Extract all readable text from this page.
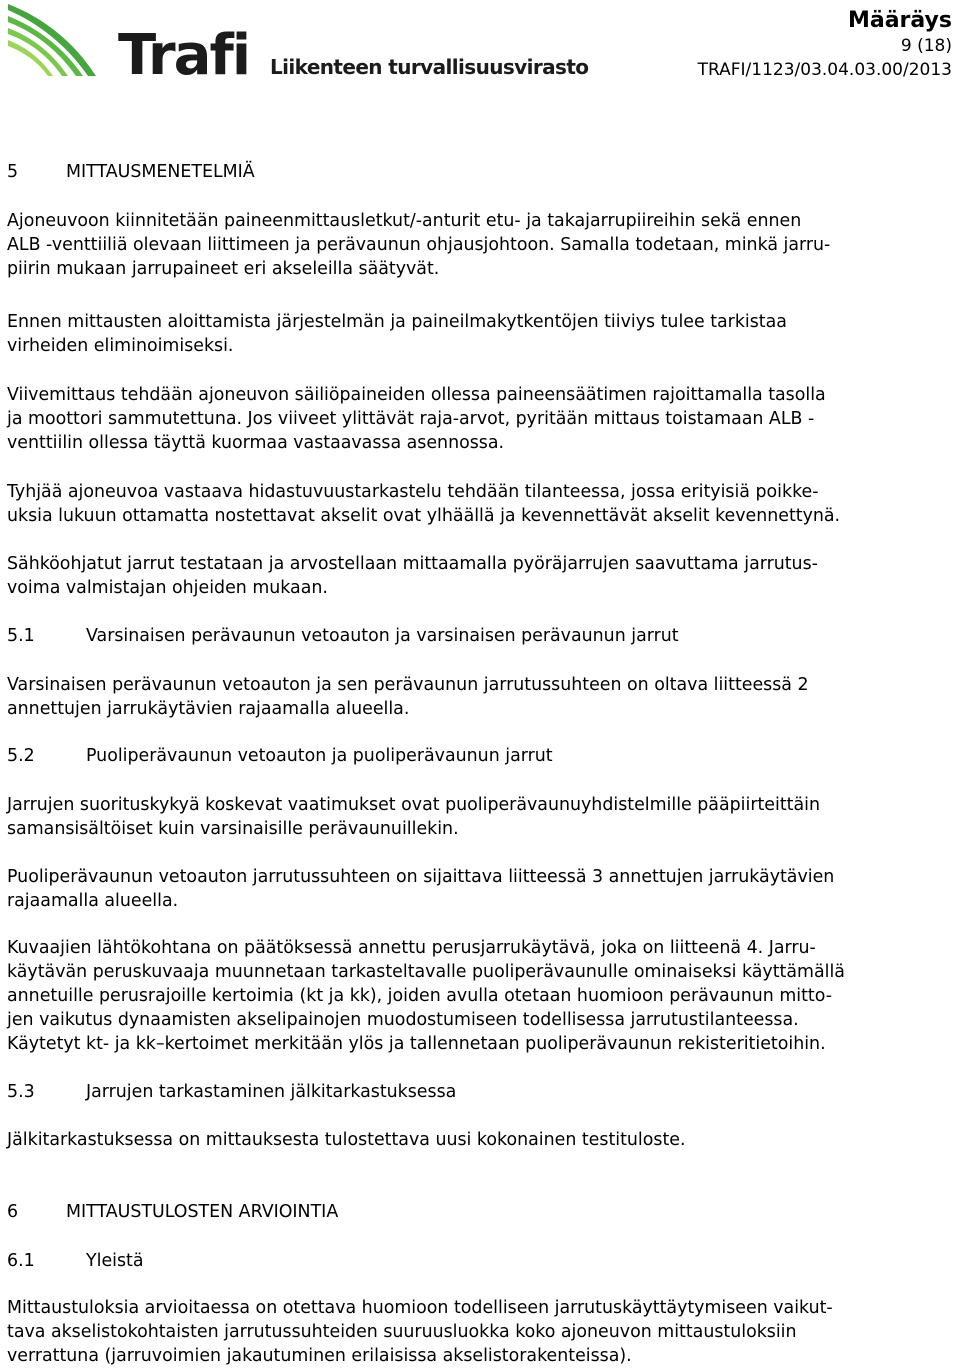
Trafi Liikenteen turvallisuusvirasto
Määräys
9 (18)
TRAFI/1123/03.04.03.00/2013
5	MITTAUSMENETELMIÄ
Ajoneuvoon kiinnitetään paineenmittausletkut/-anturit etu- ja takajarrupiireihin sekä ennen
ALB -venttiiliä olevaan liittimeen ja perävaunun ohjausjohtoon. Samalla todetaan, minkä jarru-
piirin mukaan jarrupaineet eri akseleilla säätyvät.
Ennen mittausten aloittamista järjestelmän ja paineilmakytkentöjen tiiviys tulee tarkistaa
virheiden eliminoimiseksi.
Viivemittaus tehdään ajoneuvon säiliöpaineiden ollessa paineensäätimen rajoittamalla tasolla
ja moottori sammutettuna. Jos viiveet ylittävät raja-arvot, pyritään mittaus toistamaan ALB -
venttiilin ollessa täyttä kuormaa vastaavassa asennossa.
Tyhjää ajoneuvoa vastaava hidastuvuustarkastelu tehdään tilanteessa, jossa erityisiä poikke-
uksia lukuun ottamatta nostettavat akselit ovat ylhäällä ja kevennettävät akselit kevennettynä.
Sähköohjatut jarrut testataan ja arvostellaan mittaamalla pyöräjarrujen saavuttama jarrutus-
voima valmistajan ohjeiden mukaan.
5.1	Varsinaisen perävaunun vetoauton ja varsinaisen perävaunun jarrut
Varsinaisen perävaunun vetoauton ja sen perävaunun jarrutussuhteen on oltava liitteessä 2
annettujen jarrukäytävien rajaamalla alueella.
5.2	Puoliperävaunun vetoauton ja puoliperävaunun jarrut
Jarrujen suorituskykyä koskevat vaatimukset ovat puoliperävaunuyhdistelmille pääpiirteittäin
samansisältöiset kuin varsinaisille perävaunuillekin.
Puoliperävaunun vetoauton jarrutussuhteen on sijaittava liitteessä 3 annettujen jarrukäytävien
rajaamalla alueella.
Kuvaajien lähtökohtana on päätöksessä annettu perusjarrukäytävä, joka on liitteenä 4. Jarru-
käytävän peruskuvaaja muunnetaan tarkasteltavalle puoliperävaunulle ominaiseksi käyttämällä
annetuille perusrajoille kertoimia (kt ja kk), joiden avulla otetaan huomioon perävaunun mitto-
jen vaikutus dynaamisten akselipainojen muodostumiseen todellisessa jarrutustilanteessa.
Käytetyt kt- ja kk–kertoimet merkitään ylös ja tallennetaan puoliperävaunun rekisteritietoihin.
5.3	Jarrujen tarkastaminen jälkitarkastuksessa
Jälkitarkastuksessa on mittauksesta tulostettava uusi kokonainen testituloste.
6	MITTAUSTULOSTEN ARVIOINTIA
6.1	Yleistä
Mittaustuloksia arvioitaessa on otettava huomioon todelliseen jarrutuskäyttäytymiseen vaikut-
tava akselistokohtaisten jarrutussuhteiden suuruusluokka koko ajoneuvon mittaustuloksiin
verrattuna (jarruvoimien jakautuminen erilaisissa akselistorakenteissa).
